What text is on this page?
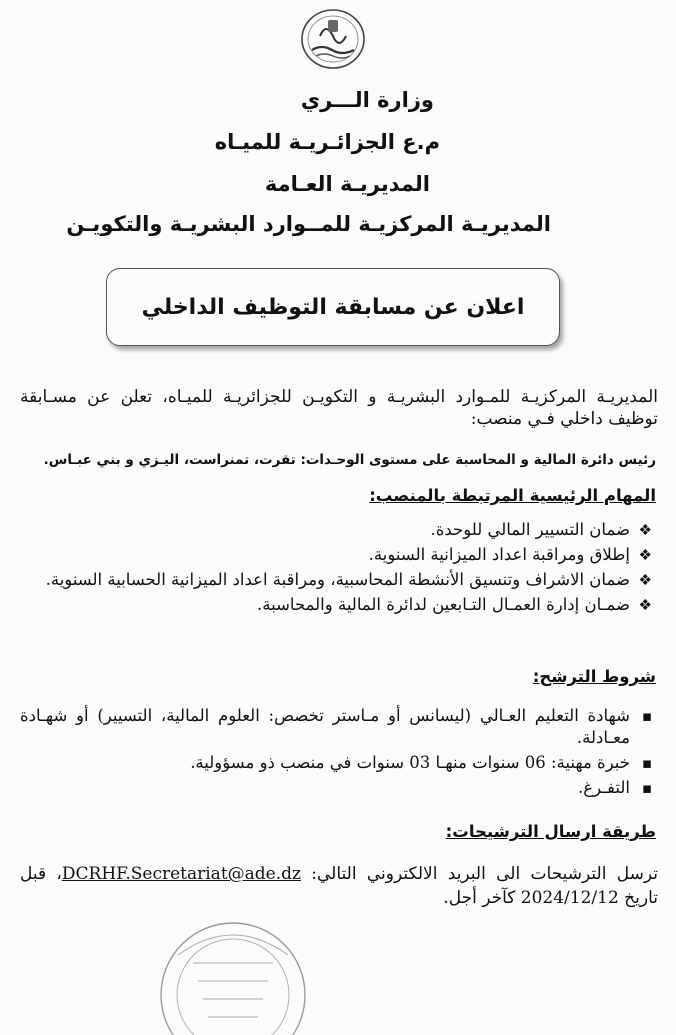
وزارة الـــري
م.ع الجزائـريـة للميـاه
المديريـة العـامة
المديريـة المركزيـة للمــوارد البشريـة والتكويـن
اعلان عن مسابقة التوظيف الداخلي
المديريـة المركزيـة للمـوارد البشريـة و التكويـن للجزائريـة للميـاه، تعلن عن مسـابقة توظيف داخلي فـي منصب:
رئيس دائرة المالية و المحاسبة على مستوى الوحـدات: تقرت، تمنراست، اليـزي و بني عبـاس.
المهام الرئيسية المرتبطة بالمنصب:
❖
ضمان التسيير المالي للوحدة.
❖
إطلاق ومراقبة اعداد الميزانية السنوية.
❖
ضمان الاشراف وتنسيق الأنشطة المحاسبية، ومراقبة اعداد الميزانية الحسابية السنوية.
❖
ضمـان إدارة العمـال التـابعين لدائرة المالية والمحاسبة.
شروط الترشح:
▪
شهادة التعليم العـالي (ليسانس أو مـاستر تخصص: العلوم المالية، التسيير) أو شهـادة معـادلة.
▪
خبرة مهنية: 06 سنوات منهـا 03 سنوات في منصب ذو مسؤولية.
▪
التفـرغ.
طريقة ارسال الترشيحات:
ترسل الترشيحات الى البريد الالكتروني التالي: DCRHF.Secretariat@ade.dz، قبل تاريخ 2024/12/12 كآخر أجل.
